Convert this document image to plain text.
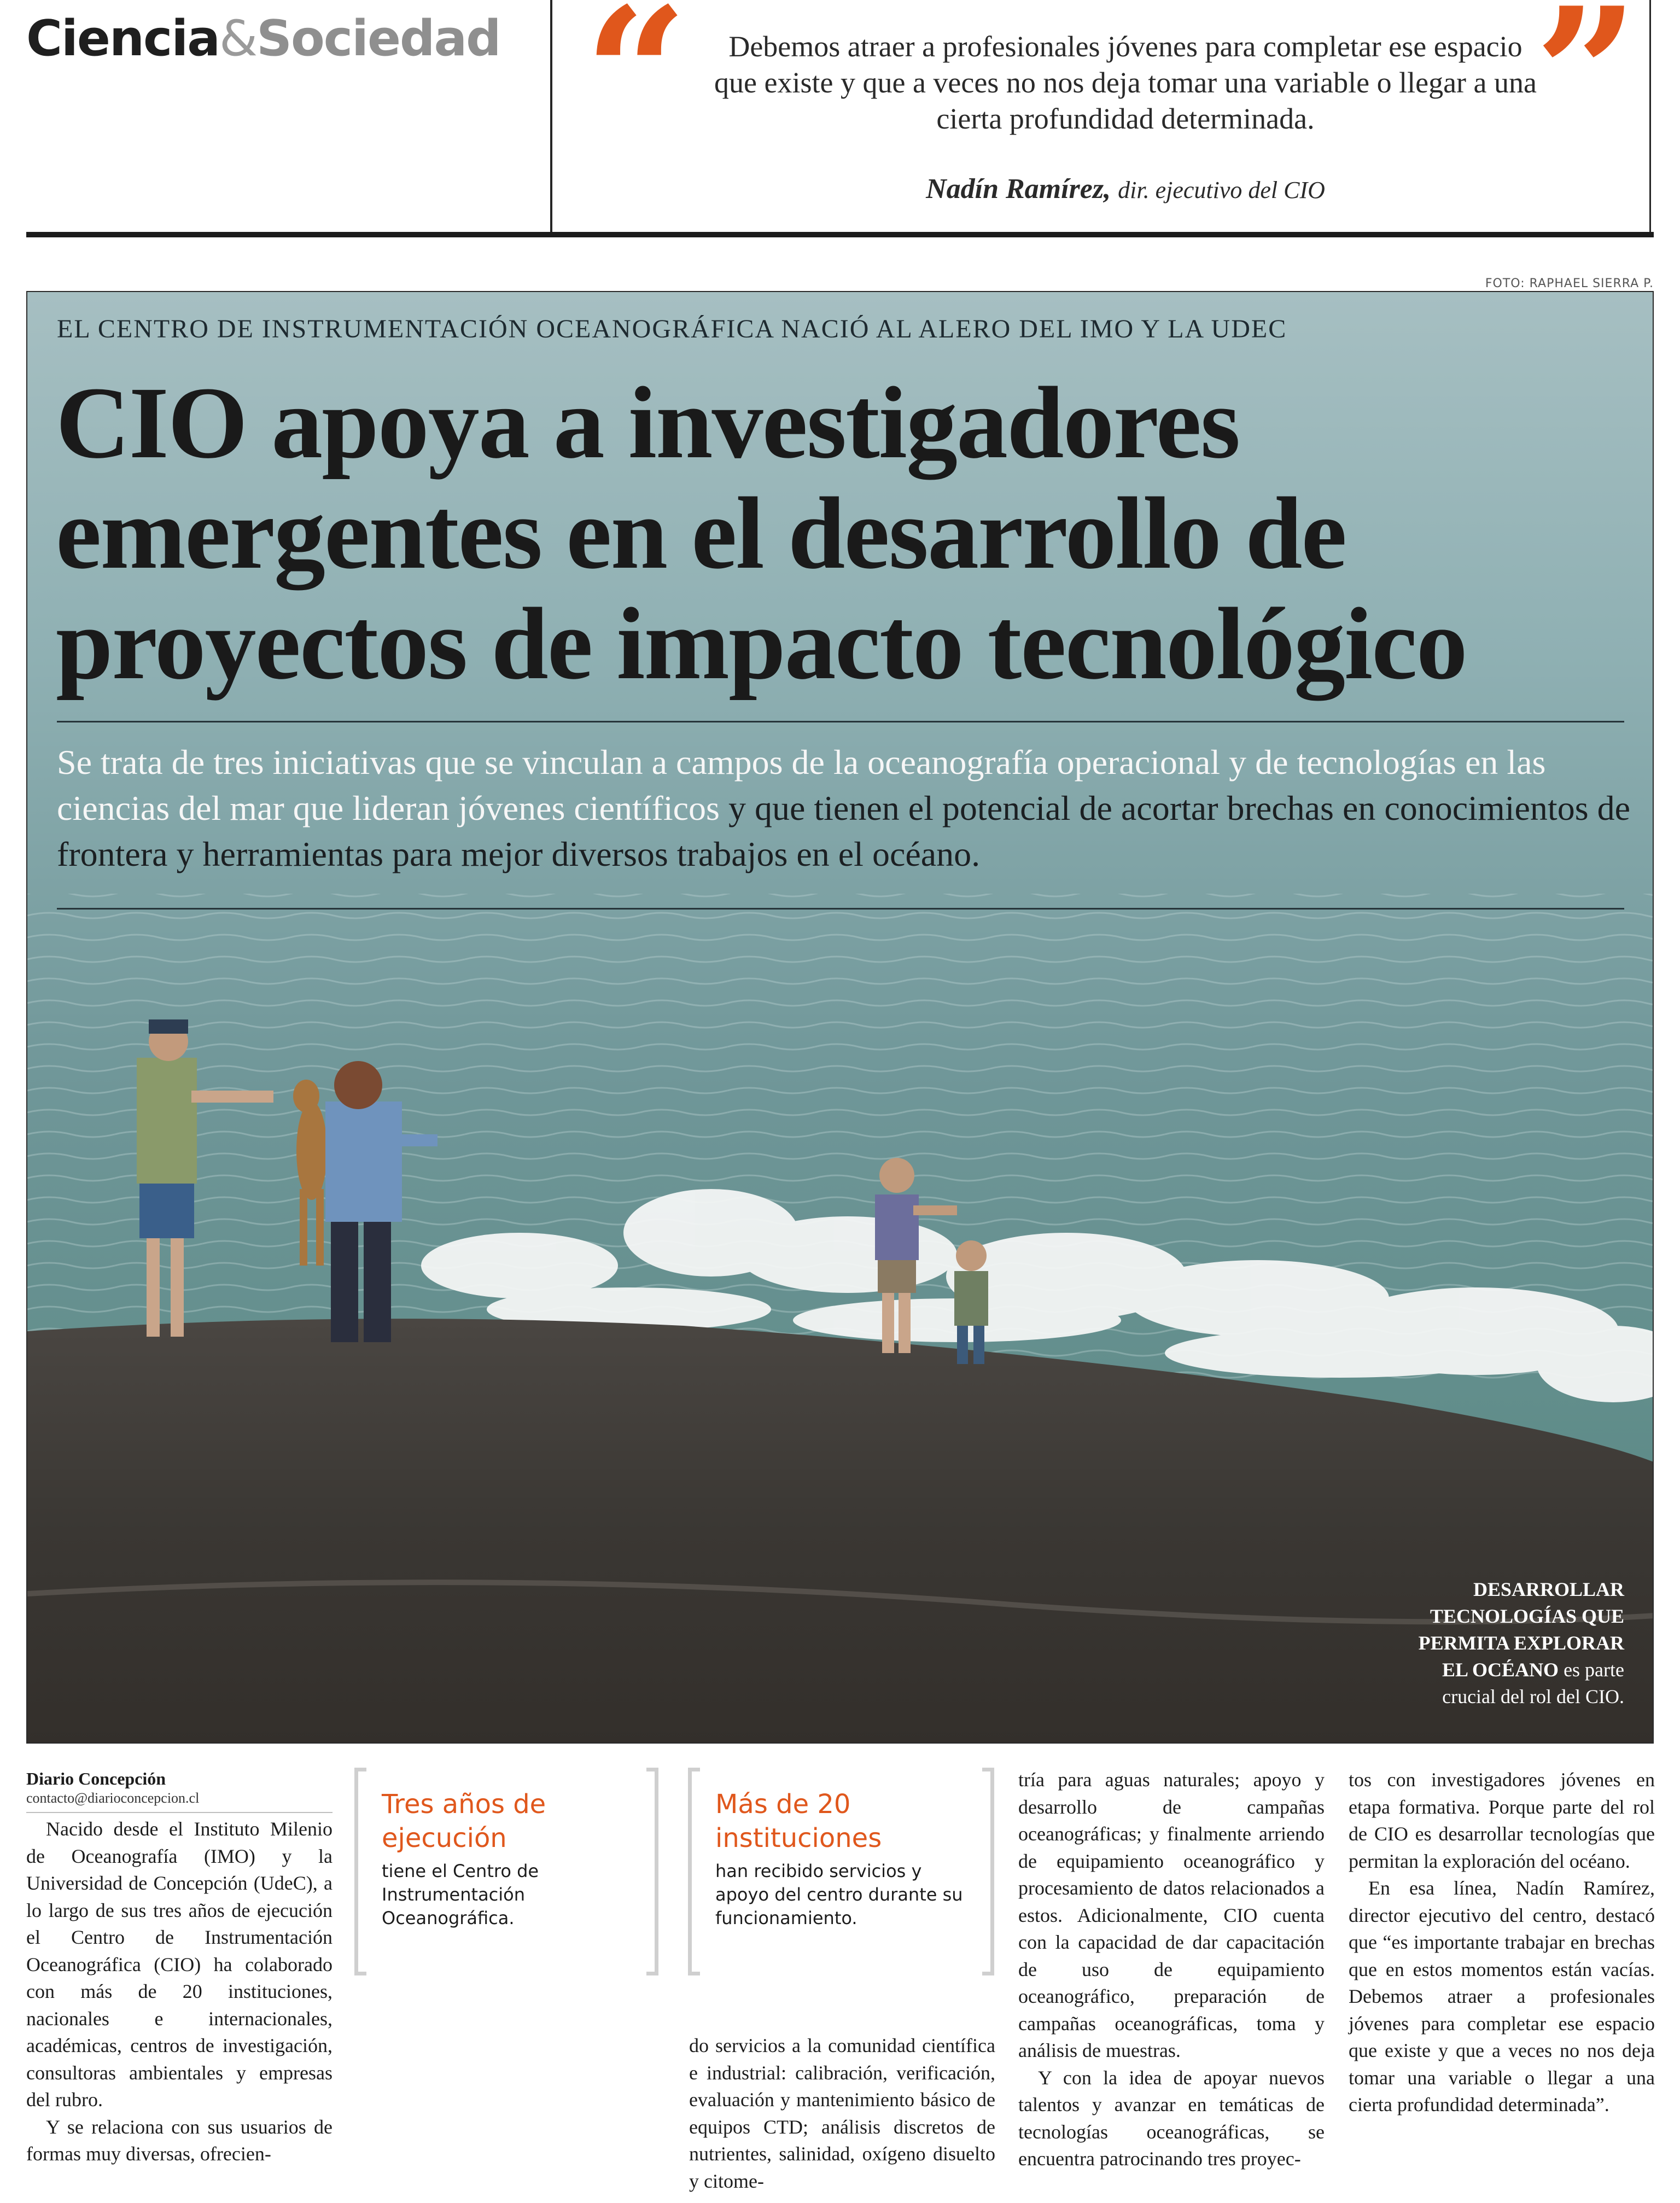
Ciencia&Sociedad “	”
Debemos atraer a profesionales jóvenes para completar ese espacio que existe y que a veces no nos deja tomar una variable o llegar a una cierta profundidad determinada.
Nadín Ramírez, dir. ejecutivo del CIO
FOTO: RAPHAEL SIERRA P.
EL CENTRO DE INSTRUMENTACIÓN OCEANOGRÁFICA NACIÓ AL ALERO DEL IMO Y LA UDEC
CIO apoya a investigadores emergentes en el desarrollo de proyectos de impacto tecnológico

Se trata de tres iniciativas que se vinculan a campos de la oceanografía operacional y de tecnologías en las ciencias del mar que lideran jóvenes científicos y que tienen el potencial de acortar brechas en conocimientos de frontera y herramientas para mejor diversos trabajos en el océano.

DESARROLLAR TECNOLOGÍAS QUE PERMITA EXPLORAR EL OCÉANO es parte crucial del rol del CIO.

Diario Concepción
contacto@diarioconcepcion.cl

Nacido desde el Instituto Milenio de Oceanografía (IMO) y la Universidad de Concepción (UdeC), a lo largo de sus tres años de ejecución el Centro de Instrumentación Oceanográfica (CIO) ha colaborado con más de 20 instituciones, nacionales e internacionales, académicas, centros de investigación, consultoras ambientales y empresas del rubro.

Y se relaciona con sus usuarios de formas muy diversas, ofrecien-

Tres años de ejecución
tiene el Centro de Instrumentación Oceanográfica.
Más de 20 instituciones
han recibido servicios y apoyo del centro durante su funcionamiento.

do servicios a la comunidad científica e industrial: calibración, verificación, evaluación y mantenimiento básico de equipos CTD; análisis discretos de nutrientes, salinidad, oxígeno disuelto y citome-

tría para aguas naturales; apoyo y desarrollo de campañas oceanográficas; y finalmente arriendo de equipamiento oceanográfico y procesamiento de datos relacionados a estos. Adicionalmente, CIO cuenta con la capacidad de dar capacitación de uso de equipamiento oceanográfico, preparación de campañas oceanográficas, toma y análisis de muestras.

Y con la idea de apoyar nuevos talentos y avanzar en temáticas de tecnologías oceanográficas, se encuentra patrocinando tres proyec-

tos con investigadores jóvenes en etapa formativa. Porque parte del rol de CIO es desarrollar tecnologías que permitan la exploración del océano.

En esa línea, Nadín Ramírez, director ejecutivo del centro, destacó que “es importante trabajar en brechas que en estos momentos están vacías. Debemos atraer a profesionales jóvenes para completar ese espacio que existe y que a veces no nos deja tomar una variable o llegar a una cierta profundidad determinada”.
